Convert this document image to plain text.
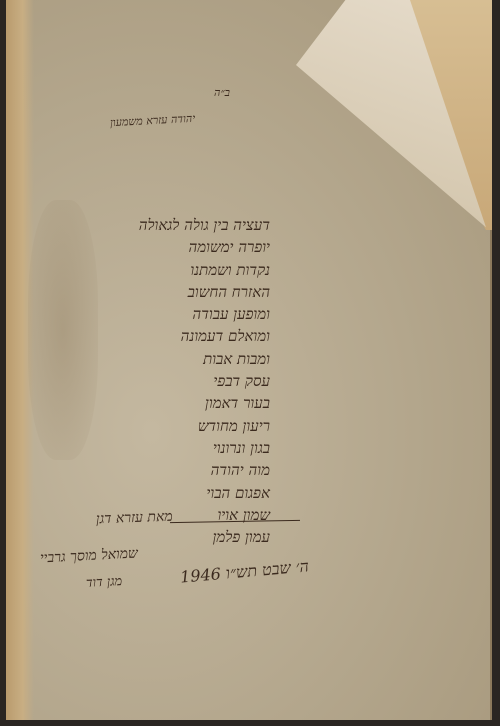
ב״ה
יהודה עזרא משמעון
דעציה בין גולה לגאולה
יופרה ימשומה
נקדות ושמתנו
האזרח החשוב
ומופען עבודה
ומואלם דעמונה
ומבות אבות
עסק דבפי
בעור דאמון
ריעון מחודש
בגון ונרונוי
מוה יהודה
אפגום הבוי
שמון אויו
עמון פלמן
מאת עזרא דגן
ה׳ שבט תש״ו 1946
שמואל מוסך גרביי
מגן דוד
